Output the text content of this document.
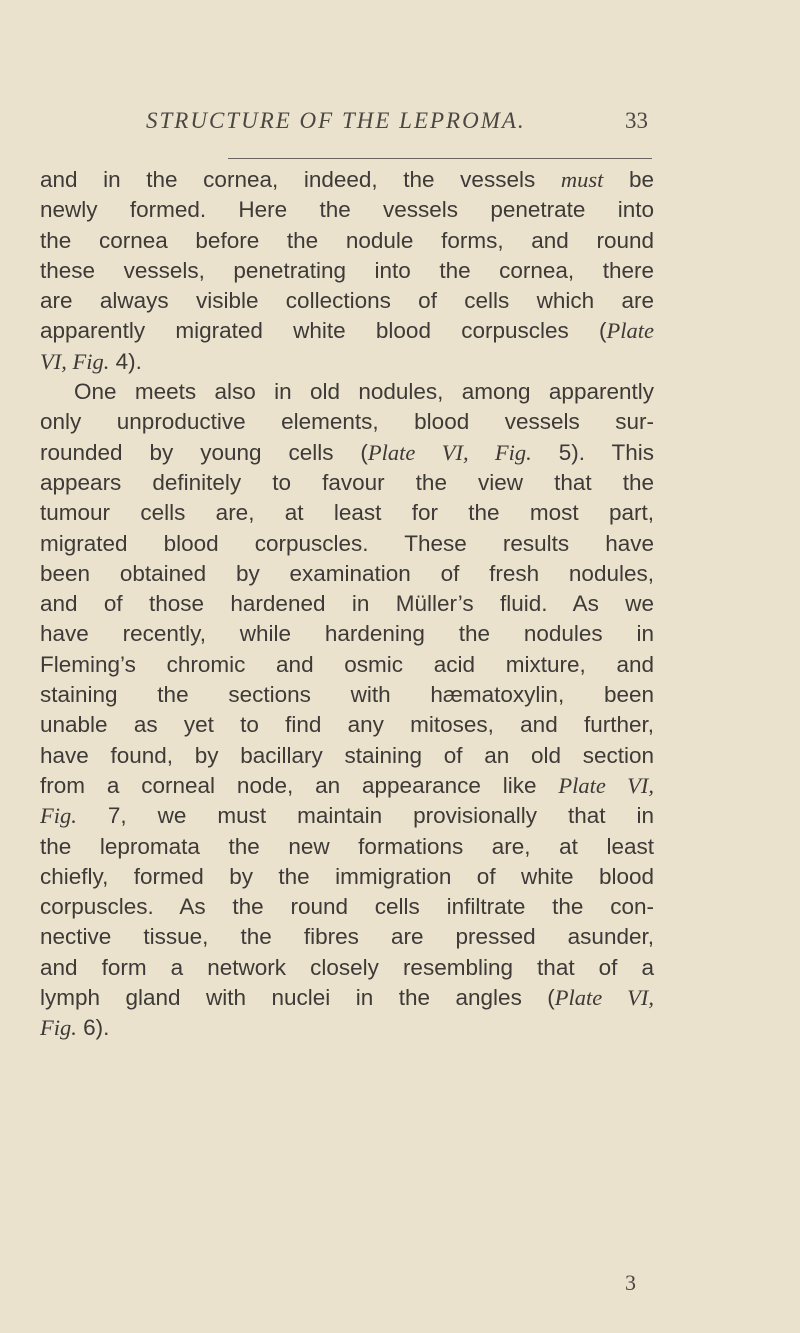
STRUCTURE OF THE LEPROMA.	33
and in the cornea, indeed, the vessels must be
newly formed. Here the vessels penetrate into
the cornea before the nodule forms, and round
these vessels, penetrating into the cornea, there
are always visible collections of cells which are
apparently migrated white blood corpuscles (Plate
VI, Fig. 4).
One meets also in old nodules, among apparently
only unproductive elements, blood vessels sur-
rounded by young cells (Plate VI, Fig. 5). This
appears definitely to favour the view that the
tumour cells are, at least for the most part,
migrated blood corpuscles. These results have
been obtained by examination of fresh nodules,
and of those hardened in Müller’s fluid. As we
have recently, while hardening the nodules in
Fleming’s chromic and osmic acid mixture, and
staining the sections with hæmatoxylin, been
unable as yet to find any mitoses, and further,
have found, by bacillary staining of an old section
from a corneal node, an appearance like Plate VI,
Fig. 7, we must maintain provisionally that in
the lepromata the new formations are, at least
chiefly, formed by the immigration of white blood
corpuscles. As the round cells infiltrate the con-
nective tissue, the fibres are pressed asunder,
and form a network closely resembling that of a
lymph gland with nuclei in the angles (Plate VI,
Fig. 6).
3
